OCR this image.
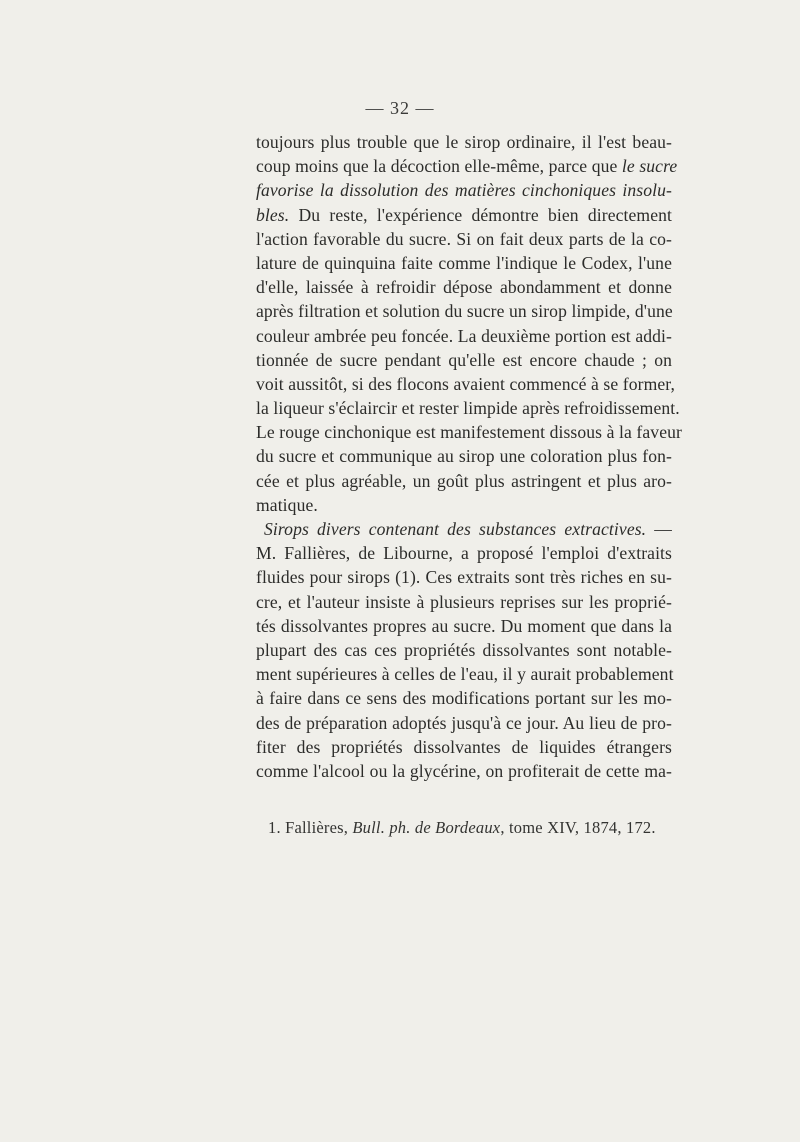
— 32 —
toujours plus trouble que le sirop ordinaire, il l'est beau-
coup moins que la décoction elle-même, parce que le sucre
favorise la dissolution des matières cinchoniques insolu-
bles. Du reste, l'expérience démontre bien directement
l'action favorable du sucre. Si on fait deux parts de la co-
lature de quinquina faite comme l'indique le Codex, l'une
d'elle, laissée à refroidir dépose abondamment et donne
après filtration et solution du sucre un sirop limpide, d'une
couleur ambrée peu foncée. La deuxième portion est addi-
tionnée de sucre pendant qu'elle est encore chaude ; on
voit aussitôt, si des flocons avaient commencé à se former,
la liqueur s'éclaircir et rester limpide après refroidissement.
Le rouge cinchonique est manifestement dissous à la faveur
du sucre et communique au sirop une coloration plus fon-
cée et plus agréable, un goût plus astringent et plus aro-
matique.
Sirops divers contenant des substances extractives. —
M. Fallières, de Libourne, a proposé l'emploi d'extraits
fluides pour sirops (1). Ces extraits sont très riches en su-
cre, et l'auteur insiste à plusieurs reprises sur les proprié-
tés dissolvantes propres au sucre. Du moment que dans la
plupart des cas ces propriétés dissolvantes sont notable-
ment supérieures à celles de l'eau, il y aurait probablement
à faire dans ce sens des modifications portant sur les mo-
des de préparation adoptés jusqu'à ce jour. Au lieu de pro-
fiter des propriétés dissolvantes de liquides étrangers
comme l'alcool ou la glycérine, on profiterait de cette ma-
1. Fallières, Bull. ph. de Bordeaux, tome XIV, 1874, 172.
